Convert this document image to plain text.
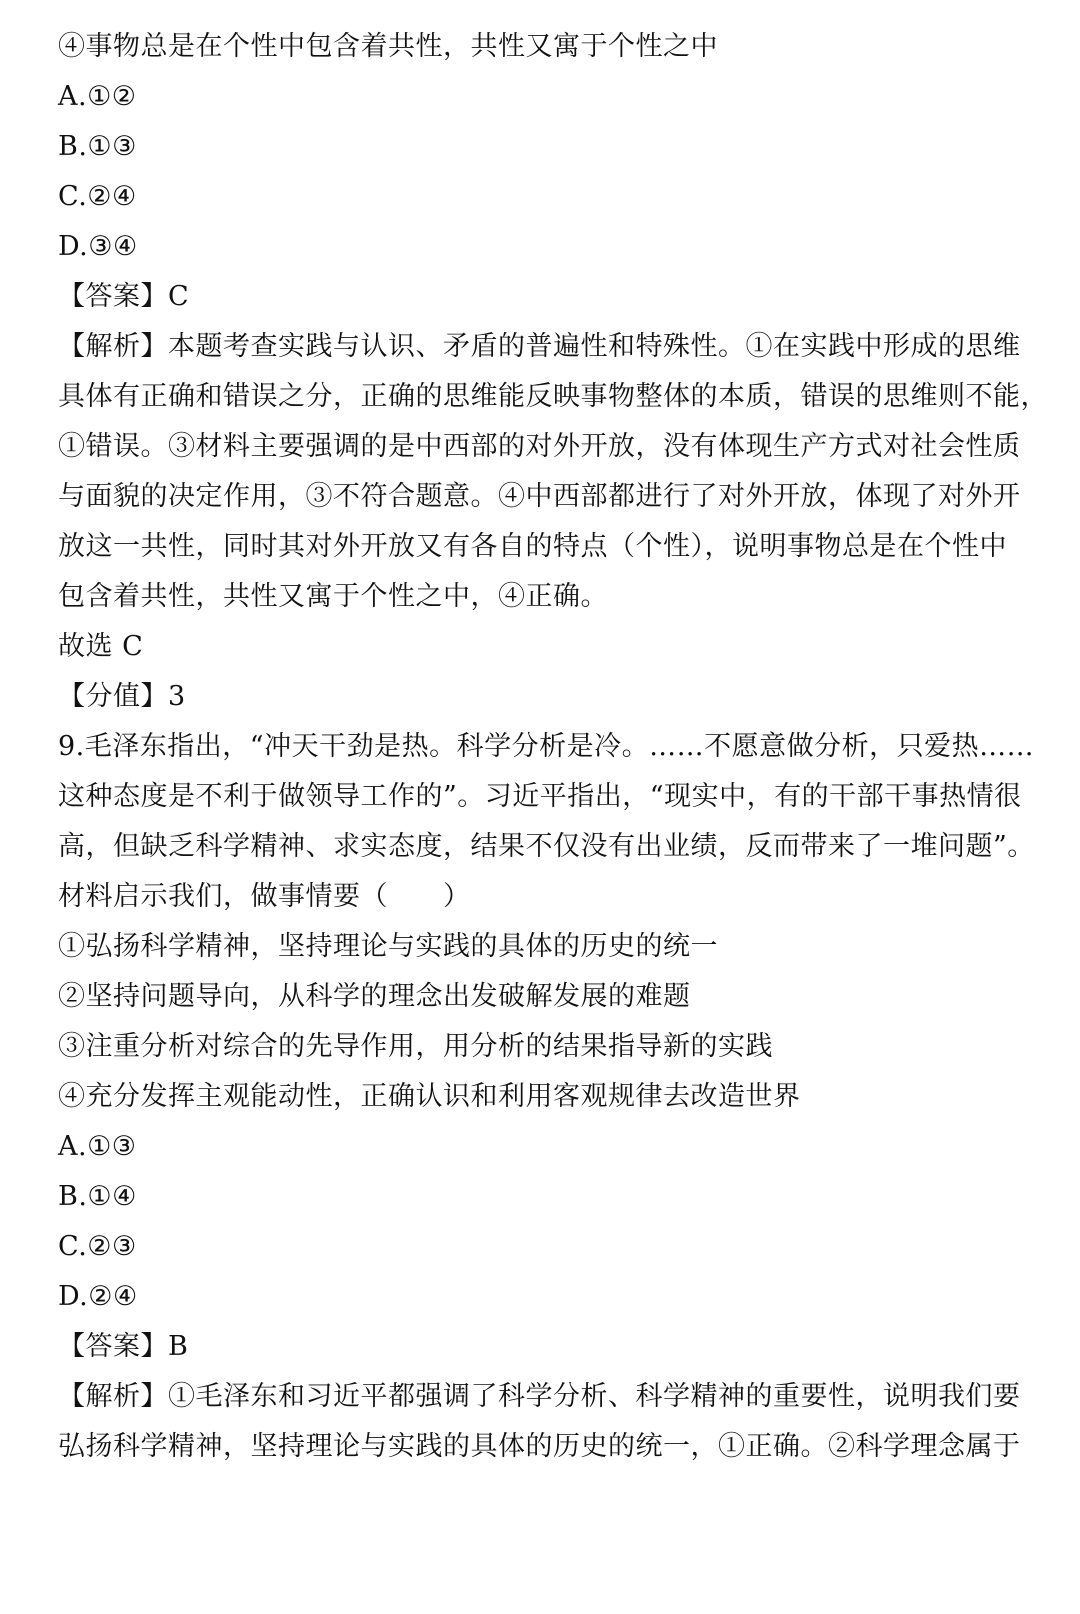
④事物总是在个性中包含着共性，共性又寓于个性之中
A.①②
B.①③
C.②④
D.③④
【答案】C
【解析】本题考查实践与认识、矛盾的普遍性和特殊性。①在实践中形成的思维
具体有正确和错误之分，正确的思维能反映事物整体的本质，错误的思维则不能，
①错误。③材料主要强调的是中西部的对外开放，没有体现生产方式对社会性质
与面貌的决定作用，③不符合题意。④中西部都进行了对外开放，体现了对外开
放这一共性，同时其对外开放又有各自的特点（个性），说明事物总是在个性中
包含着共性，共性又寓于个性之中，④正确。
故选 C
【分值】3
9.毛泽东指出，“冲天干劲是热。科学分析是冷。……不愿意做分析，只爱热……
这种态度是不利于做领导工作的”。习近平指出，“现实中，有的干部干事热情很
高，但缺乏科学精神、求实态度，结果不仅没有出业绩，反而带来了一堆问题”。
材料启示我们，做事情要（　　）
①弘扬科学精神，坚持理论与实践的具体的历史的统一
②坚持问题导向，从科学的理念出发破解发展的难题
③注重分析对综合的先导作用，用分析的结果指导新的实践
④充分发挥主观能动性，正确认识和利用客观规律去改造世界
A.①③
B.①④
C.②③
D.②④
【答案】B
【解析】①毛泽东和习近平都强调了科学分析、科学精神的重要性，说明我们要
弘扬科学精神，坚持理论与实践的具体的历史的统一，①正确。②科学理念属于
